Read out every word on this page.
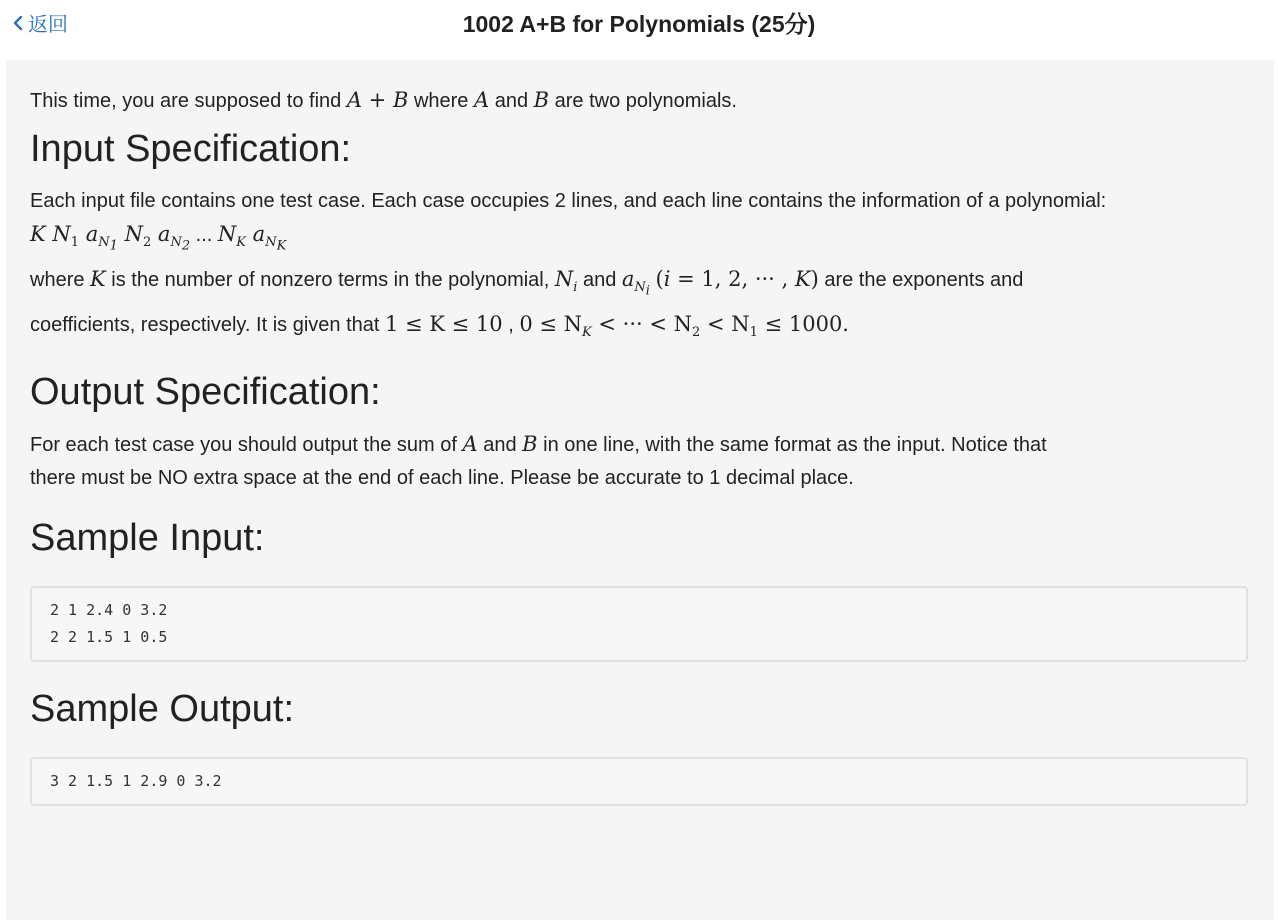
返回	1002 A+B for Polynomials (25分)

This time, you are supposed to find A + B where A and B are two polynomials.

Input Specification:

Each input file contains one test case. Each case occupies 2 lines, and each line contains the information of a polynomial:

K $N_1$ $a_{N_1}$ $N_2$ $a_{N_2}$ ... $N_K$ $a_{N_K}$

where K is the number of nonzero terms in the polynomial, $N_i$ and $a_{N_i}$ (i = 1, 2, ··· , K) are the exponents and

coefficients, respectively. It is given that 1 ≤ K ≤ 10 , $0 \le N_K$ < ··· < $N_2 < N_1 \le 1000$.

Output Specification:

For each test case you should output the sum of A and B in one line, with the same format as the input. Notice that

there must be NO extra space at the end of each line. Please be accurate to 1 decimal place.

Sample Input:
2 1 2.4 0 3.2
2 2 1.5 1 0.5
Sample Output:
3 2 1.5 1 2.9 0 3.2
